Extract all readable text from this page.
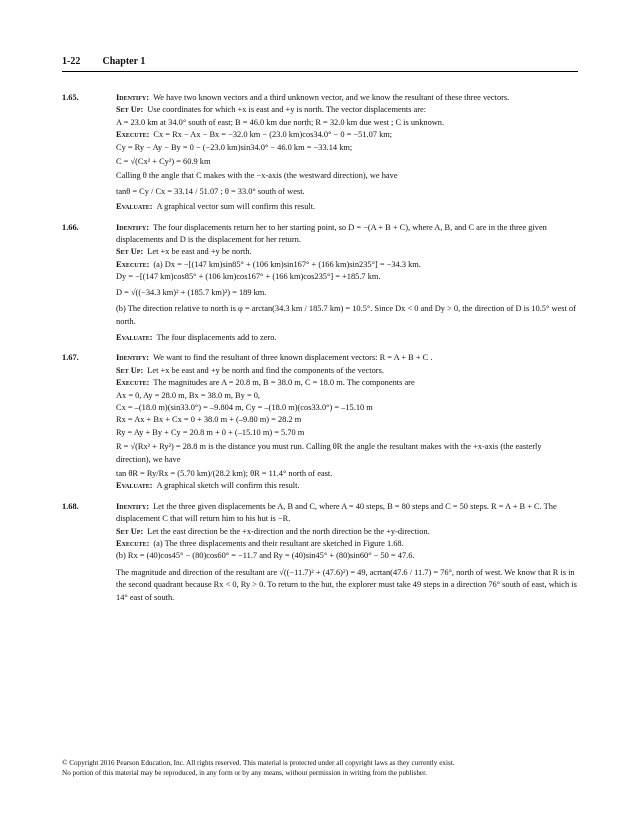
1-22 Chapter 1
1.65.	Identify: We have two known vectors and a third unknown vector, and we know the resultant of these three vectors.
Set Up: Use coordinates for which +x is east and +y is north. The vector displacements are:
A = 23.0 km at 34.0° south of east; B = 46.0 km due north; R = 32.0 km due west ; C is unknown.
Execute: Cx = Rx − Ax − Bx = −32.0 km − (23.0 km)cos34.0° − 0 = −51.07 km;
Cy = Ry − Ay − By = 0 − (−23.0 km)sin34.0° − 46.0 km = −33.14 km;
C = √(Cx² + Cy²) = 60.9 km
Calling θ the angle that C makes with the −x-axis (the westward direction), we have
tanθ = Cy / Cx = 33.14 / 51.07 ; θ = 33.0° south of west.
Evaluate: A graphical vector sum will confirm this result.
1.66.	Identify: The four displacements return her to her starting point, so D = −(A + B + C), where A, B, and C are in the three given displacements and D is the displacement for her return.
Set Up: Let +x be east and +y be north.
Execute: (a) Dx = −[(147 km)sin85° + (106 km)sin167° + (166 km)sin235°] = −34.3 km.
Dy = −[(147 km)cos85° + (106 km)cos167° + (166 km)cos235°] = +185.7 km.
D = √((−34.3 km)² + (185.7 km)²) = 189 km.
(b) The direction relative to north is φ = arctan(34.3 km / 185.7 km) = 10.5°. Since Dx < 0 and Dy > 0, the direction of D is 10.5° west of north.
Evaluate: The four displacements add to zero.
1.67.	Identify: We want to find the resultant of three known displacement vectors: R = A + B + C .
Set Up: Let +x be east and +y be north and find the components of the vectors.
Execute: The magnitudes are A = 20.8 m, B = 38.0 m, C = 18.0 m. The components are
Ax = 0, Ay = 28.0 m, Bx = 38.0 m, By = 0,
Cx = –(18.0 m)(sin33.0°) = –9.804 m, Cy = –(18.0 m)(cos33.0°) = –15.10 m
Rx = Ax + Bx + Cx = 0 + 38.0 m + (–9.80 m) = 28.2 m
Ry = Ay + By + Cy = 20.8 m + 0 + (–15.10 m) = 5.70 m
R = √(Rx² + Ry²) = 28.8 m is the distance you must run. Calling θR the angle the resultant makes with the +x-axis (the easterly direction), we have
tan θR = Ry/Rx = (5.70 km)/(28.2 km); θR = 11.4° north of east.
Evaluate: A graphical sketch will confirm this result.
1.68.	Identify: Let the three given displacements be A, B and C, where A = 40 steps, B = 80 steps and C = 50 steps. R = A + B + C. The displacement C that will return him to his hut is −R.
Set Up: Let the east direction be the +x-direction and the north direction be the +y-direction.
Execute: (a) The three displacements and their resultant are sketched in Figure 1.68.
(b) Rx = (40)cos45° − (80)cos60° = −11.7 and Ry = (40)sin45° + (80)sin60° − 50 = 47.6.
The magnitude and direction of the resultant are √((−11.7)² + (47.6)²) = 49, acrtan(47.6 / 11.7) = 76°, north of west. We know that R is in the second quadrant because Rx < 0, Ry > 0. To return to the hut, the explorer must take 49 steps in a direction 76° south of east, which is 14° east of south.
© Copyright 2016 Pearson Education, Inc. All rights reserved. This material is protected under all copyright laws as they currently exist.
No portion of this material may be reproduced, in any form or by any means, without permission in writing from the publisher.
